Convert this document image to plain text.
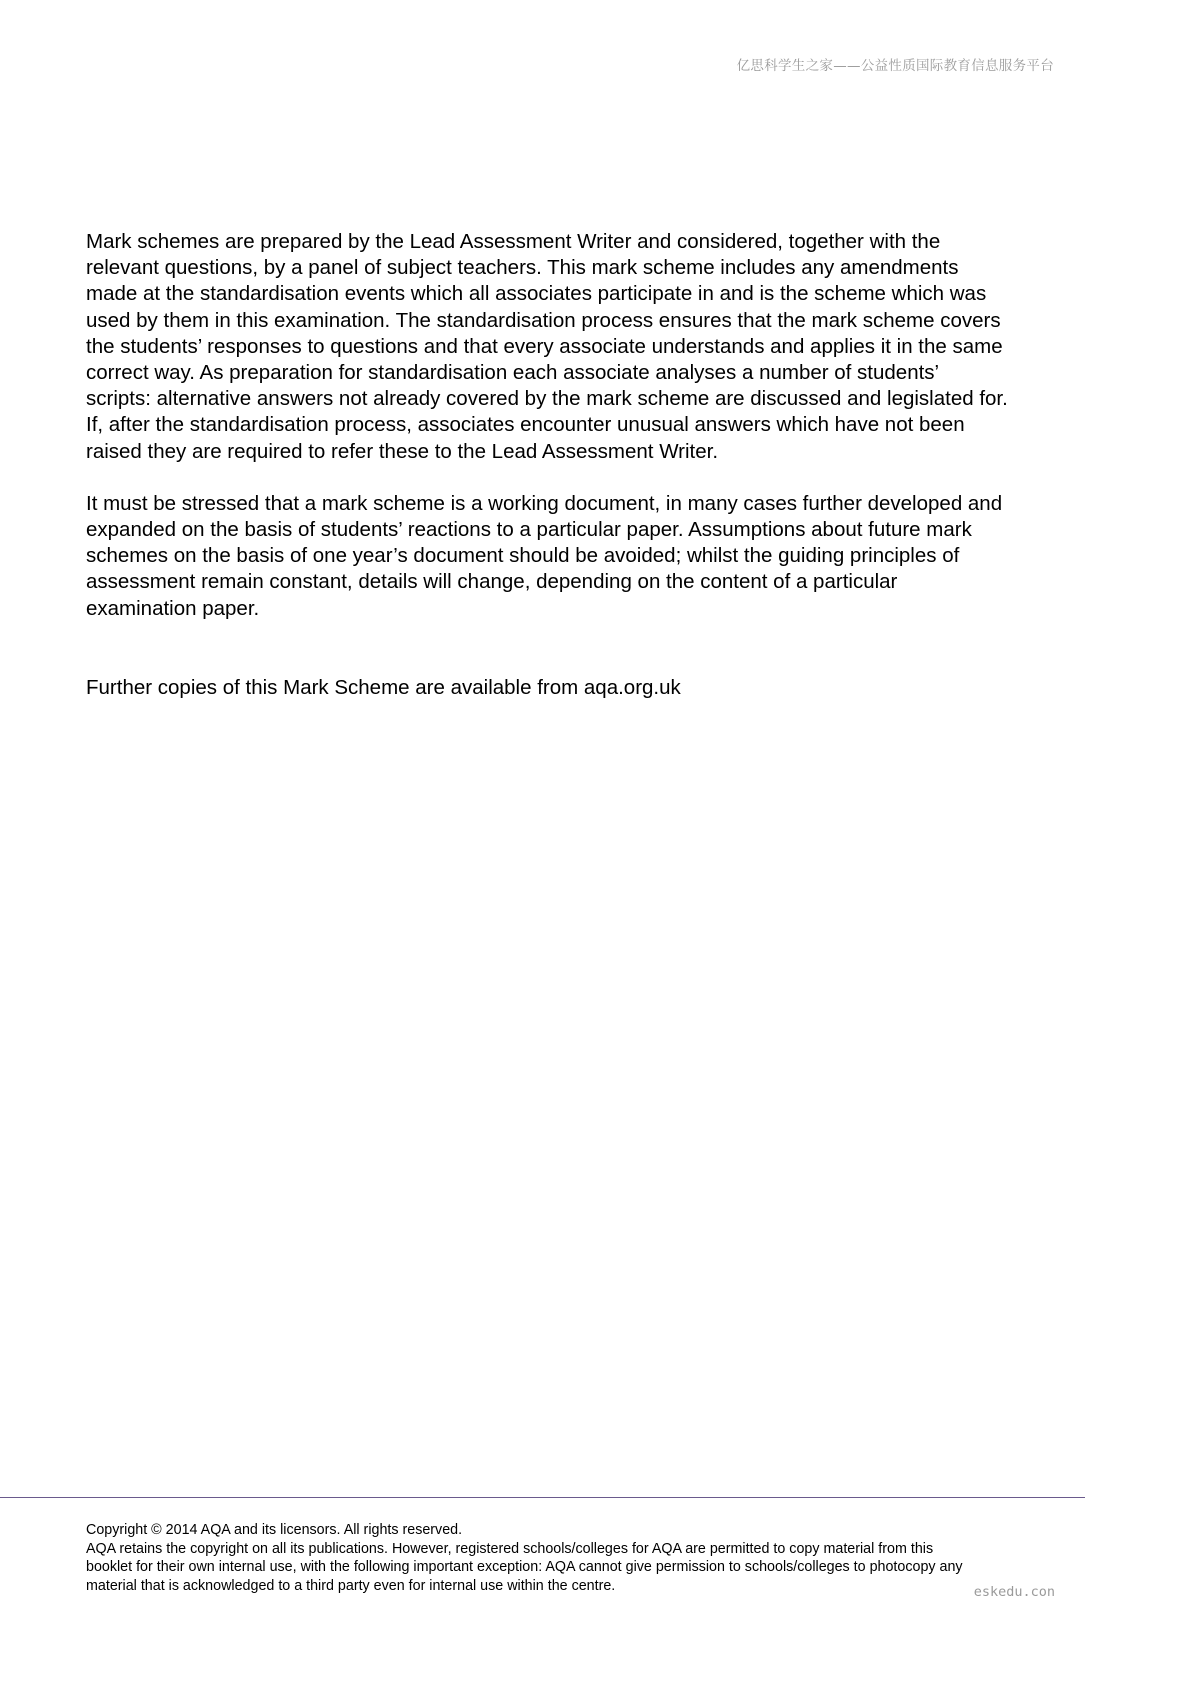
亿思科学生之家——公益性质国际教育信息服务平台

Mark schemes are prepared by the Lead Assessment Writer and considered, together with the
relevant questions, by a panel of subject teachers. This mark scheme includes any amendments
made at the standardisation events which all associates participate in and is the scheme which was
used by them in this examination. The standardisation process ensures that the mark scheme covers
the students’ responses to questions and that every associate understands and applies it in the same
correct way. As preparation for standardisation each associate analyses a number of students’
scripts: alternative answers not already covered by the mark scheme are discussed and legislated for.
If, after the standardisation process, associates encounter unusual answers which have not been
raised they are required to refer these to the Lead Assessment Writer.

It must be stressed that a mark scheme is a working document, in many cases further developed and
expanded on the basis of students’ reactions to a particular paper. Assumptions about future mark
schemes on the basis of one year’s document should be avoided; whilst the guiding principles of
assessment remain constant, details will change, depending on the content of a particular
examination paper.

Further copies of this Mark Scheme are available from aqa.org.uk

Copyright © 2014 AQA and its licensors. All rights reserved.

AQA retains the copyright on all its publications. However, registered schools/colleges for AQA are permitted to copy material from this
booklet for their own internal use, with the following important exception: AQA cannot give permission to schools/colleges to photocopy any
material that is acknowledged to a third party even for internal use within the centre.	eskedu.con
